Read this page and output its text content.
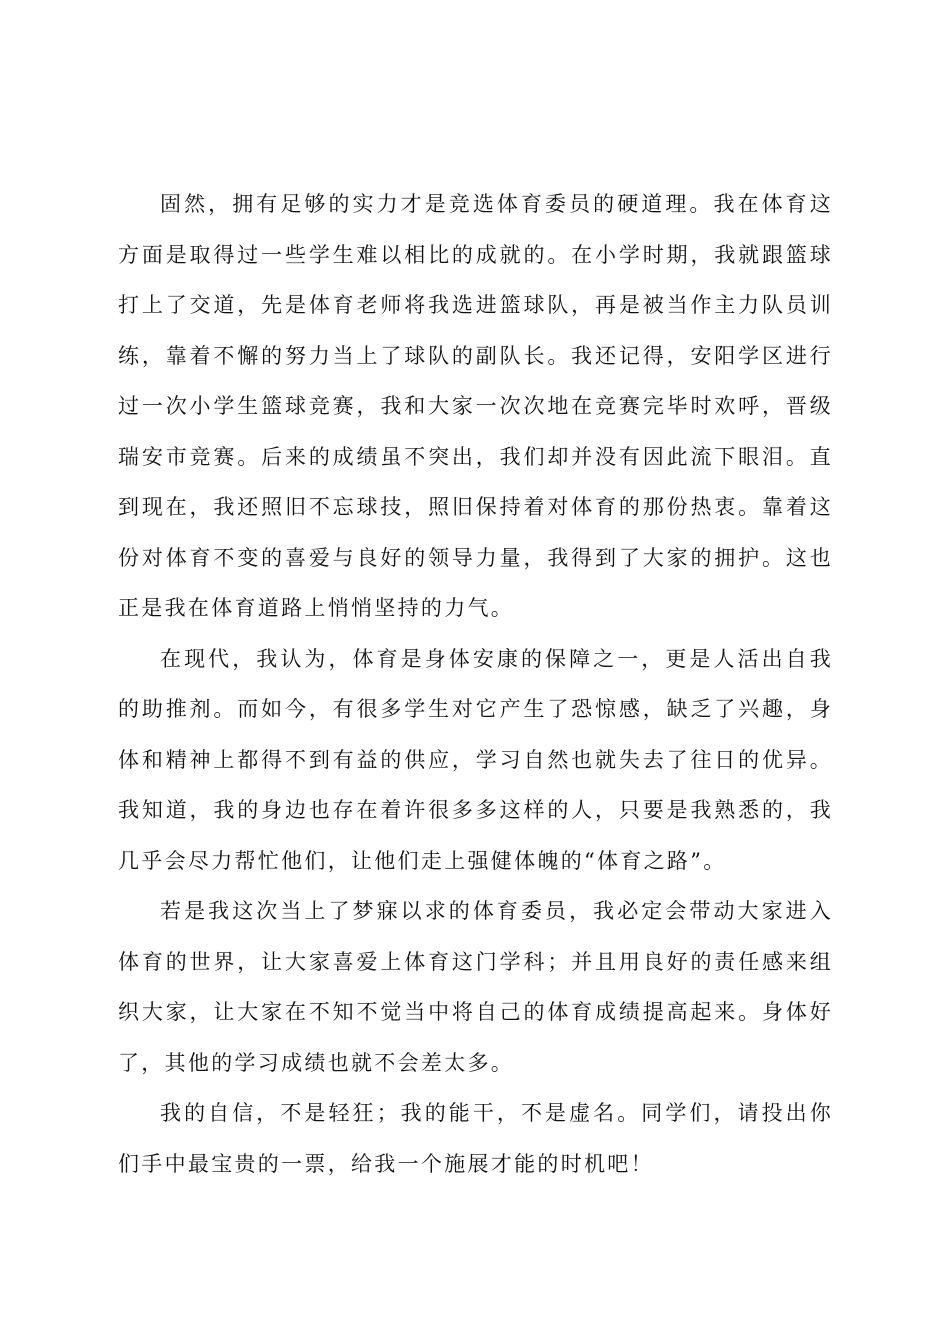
固然，拥有足够的实力才是竞选体育委员的硬道理。我在体育这方面是取得过一些学生难以相比的成就的。在小学时期，我就跟篮球打上了交道，先是体育老师将我选进篮球队，再是被当作主力队员训练，靠着不懈的努力当上了球队的副队长。我还记得，安阳学区进行过一次小学生篮球竞赛，我和大家一次次地在竞赛完毕时欢呼，晋级瑞安市竞赛。后来的成绩虽不突出，我们却并没有因此流下眼泪。直到现在，我还照旧不忘球技，照旧保持着对体育的那份热衷。靠着这份对体育不变的喜爱与良好的领导力量，我得到了大家的拥护。这也正是我在体育道路上悄悄坚持的力气。

在现代，我认为，体育是身体安康的保障之一，更是人活出自我的助推剂。而如今，有很多学生对它产生了恐惊感，缺乏了兴趣，身体和精神上都得不到有益的供应，学习自然也就失去了往日的优异。我知道，我的身边也存在着许很多多这样的人，只要是我熟悉的，我几乎会尽力帮忙他们，让他们走上强健体魄的“体育之路”。

若是我这次当上了梦寐以求的体育委员，我必定会带动大家进入体育的世界，让大家喜爱上体育这门学科；并且用良好的责任感来组织大家，让大家在不知不觉当中将自己的体育成绩提高起来。身体好了，其他的学习成绩也就不会差太多。

我的自信，不是轻狂；我的能干，不是虚名。同学们，请投出你们手中最宝贵的一票，给我一个施展才能的时机吧！
